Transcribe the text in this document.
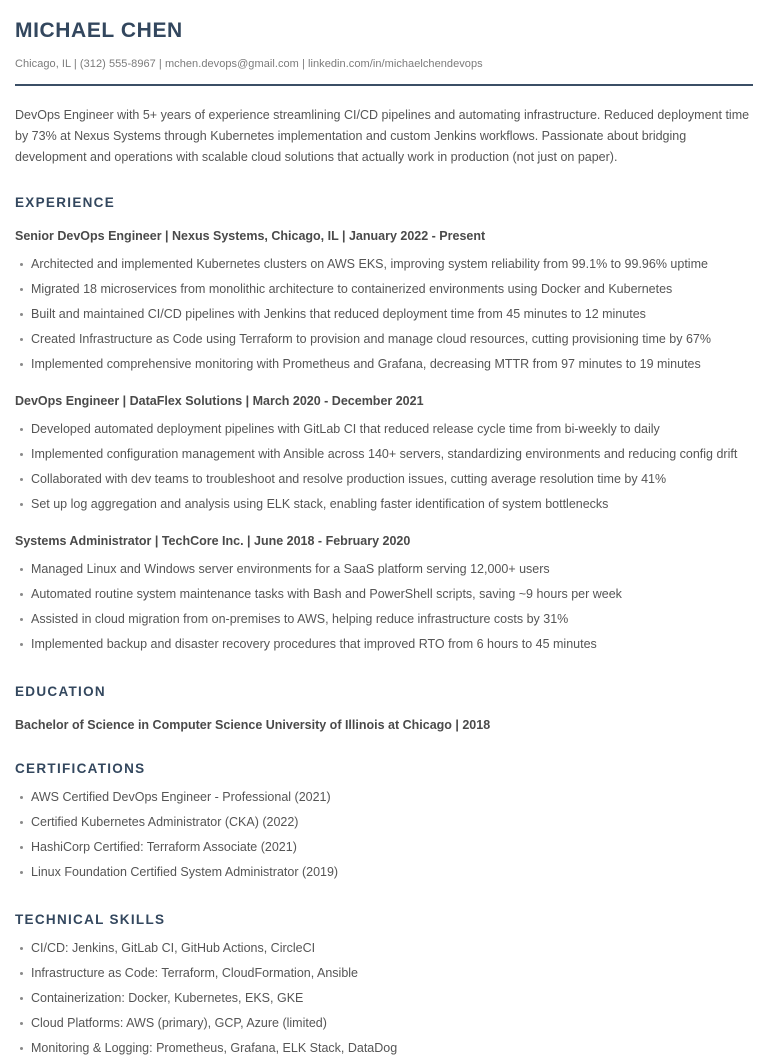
MICHAEL CHEN
Chicago, IL | (312) 555-8967 | mchen.devops@gmail.com | linkedin.com/in/michaelchendevops

DevOps Engineer with 5+ years of experience streamlining CI/CD pipelines and automating infrastructure. Reduced deployment time by 73% at Nexus Systems through Kubernetes implementation and custom Jenkins workflows. Passionate about bridging development and operations with scalable cloud solutions that actually work in production (not just on paper).

EXPERIENCE
Senior DevOps Engineer | Nexus Systems, Chicago, IL | January 2022 - Present
Architected and implemented Kubernetes clusters on AWS EKS, improving system reliability from 99.1% to 99.96% uptime
Migrated 18 microservices from monolithic architecture to containerized environments using Docker and Kubernetes
Built and maintained CI/CD pipelines with Jenkins that reduced deployment time from 45 minutes to 12 minutes
Created Infrastructure as Code using Terraform to provision and manage cloud resources, cutting provisioning time by 67%
Implemented comprehensive monitoring with Prometheus and Grafana, decreasing MTTR from 97 minutes to 19 minutes
DevOps Engineer | DataFlex Solutions | March 2020 - December 2021
Developed automated deployment pipelines with GitLab CI that reduced release cycle time from bi-weekly to daily
Implemented configuration management with Ansible across 140+ servers, standardizing environments and reducing config drift
Collaborated with dev teams to troubleshoot and resolve production issues, cutting average resolution time by 41%
Set up log aggregation and analysis using ELK stack, enabling faster identification of system bottlenecks
Systems Administrator | TechCore Inc. | June 2018 - February 2020
Managed Linux and Windows server environments for a SaaS platform serving 12,000+ users
Automated routine system maintenance tasks with Bash and PowerShell scripts, saving ~9 hours per week
Assisted in cloud migration from on-premises to AWS, helping reduce infrastructure costs by 31%
Implemented backup and disaster recovery procedures that improved RTO from 6 hours to 45 minutes
EDUCATION
Bachelor of Science in Computer Science University of Illinois at Chicago | 2018
CERTIFICATIONS
AWS Certified DevOps Engineer - Professional (2021)
Certified Kubernetes Administrator (CKA) (2022)
HashiCorp Certified: Terraform Associate (2021)
Linux Foundation Certified System Administrator (2019)
TECHNICAL SKILLS
CI/CD: Jenkins, GitLab CI, GitHub Actions, CircleCI
Infrastructure as Code: Terraform, CloudFormation, Ansible
Containerization: Docker, Kubernetes, EKS, GKE
Cloud Platforms: AWS (primary), GCP, Azure (limited)
Monitoring & Logging: Prometheus, Grafana, ELK Stack, DataDog
